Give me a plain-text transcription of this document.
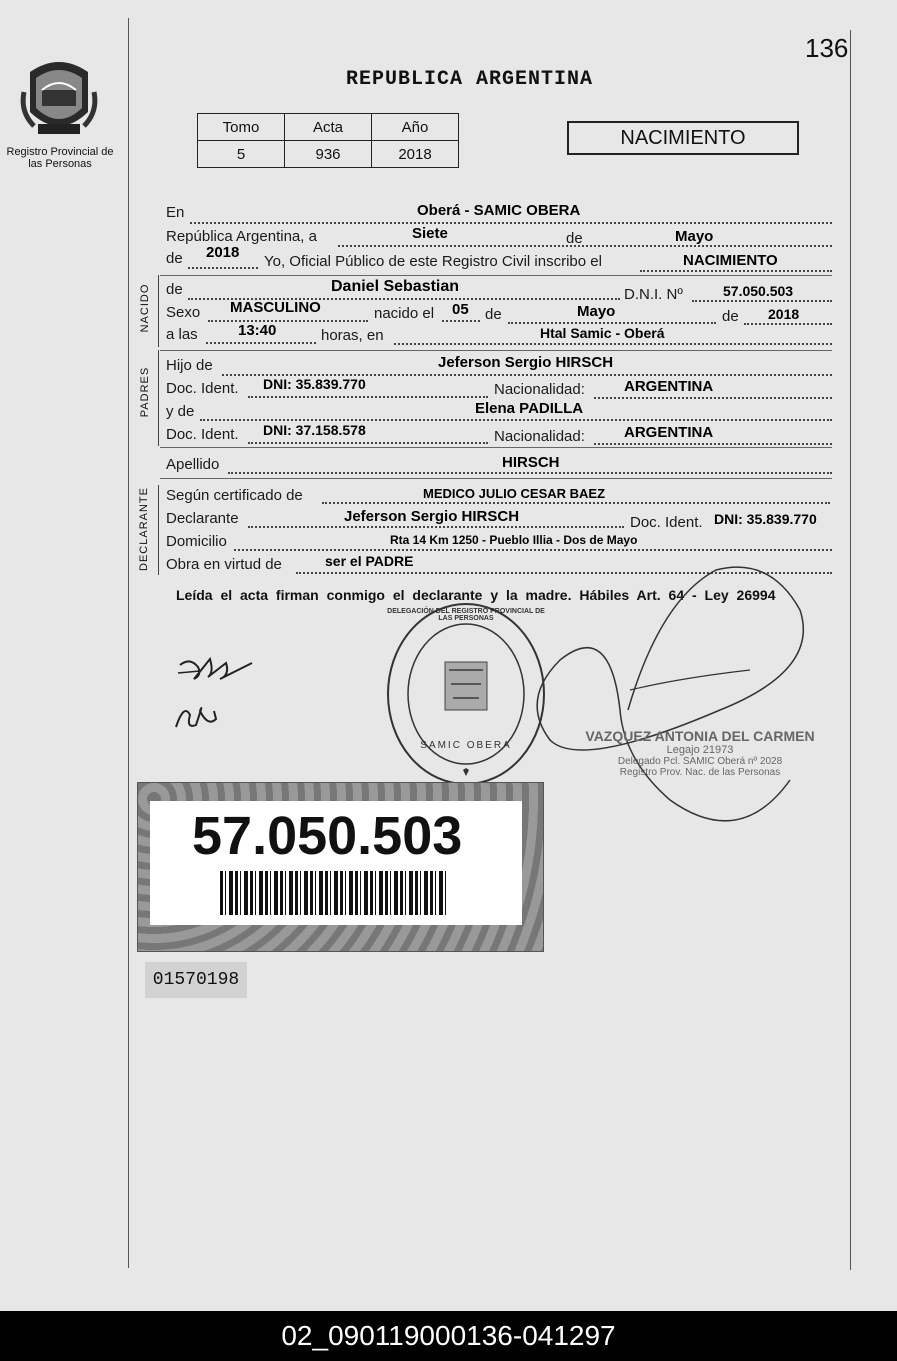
136
Registro Provincial de las Personas
REPUBLICA ARGENTINA
Tomo	Acta	Año
5	936	2018
NACIMIENTO
En	Oberá - SAMIC OBERA
República Argentina, a	Siete	de	Mayo
de 2018
Yo, Oficial Público de este Registro Civil inscribo el	NACIMIENTO
NACIDO de	Daniel Sebastian	D.N.I. Nº	57.050.503
Sexo MASCULINO	nacido el 05 de	Mayo	de 2018
a las	13:40	horas, en	Htal Samic - Oberá
PADRES
Hijo de	Jeferson Sergio HIRSCH
Doc. Ident. DNI: 35.839.770	Nacionalidad:	ARGENTINA
y de	Elena PADILLA
Doc. Ident. DNI: 37.158.578	Nacionalidad:	ARGENTINA
Apellido	HIRSCH
DECLARANTE Según certificado de	MEDICO JULIO CESAR BAEZ
Declarante	Jeferson Sergio HIRSCH	Doc. Ident. DNI: 35.839.770
Domicilio	Rta 14 Km 1250 - Pueblo Illia - Dos de Mayo
Obra en virtud de	ser el PADRE
Leída el acta firman conmigo el declarante y la madre. Hábiles Art. 64 - Ley 26994
DELEGACIÓN DEL REGISTRO PROVINCIAL DE LAS PERSONAS
SAMIC OBERA
VAZQUEZ ANTONIA DEL CARMEN
Legajo 21973
Delegado Pcl. SAMIC Oberá nº 2028
Registro Prov. Nac. de las Personas
57.050.503
01570198
02_090119000136-041297
